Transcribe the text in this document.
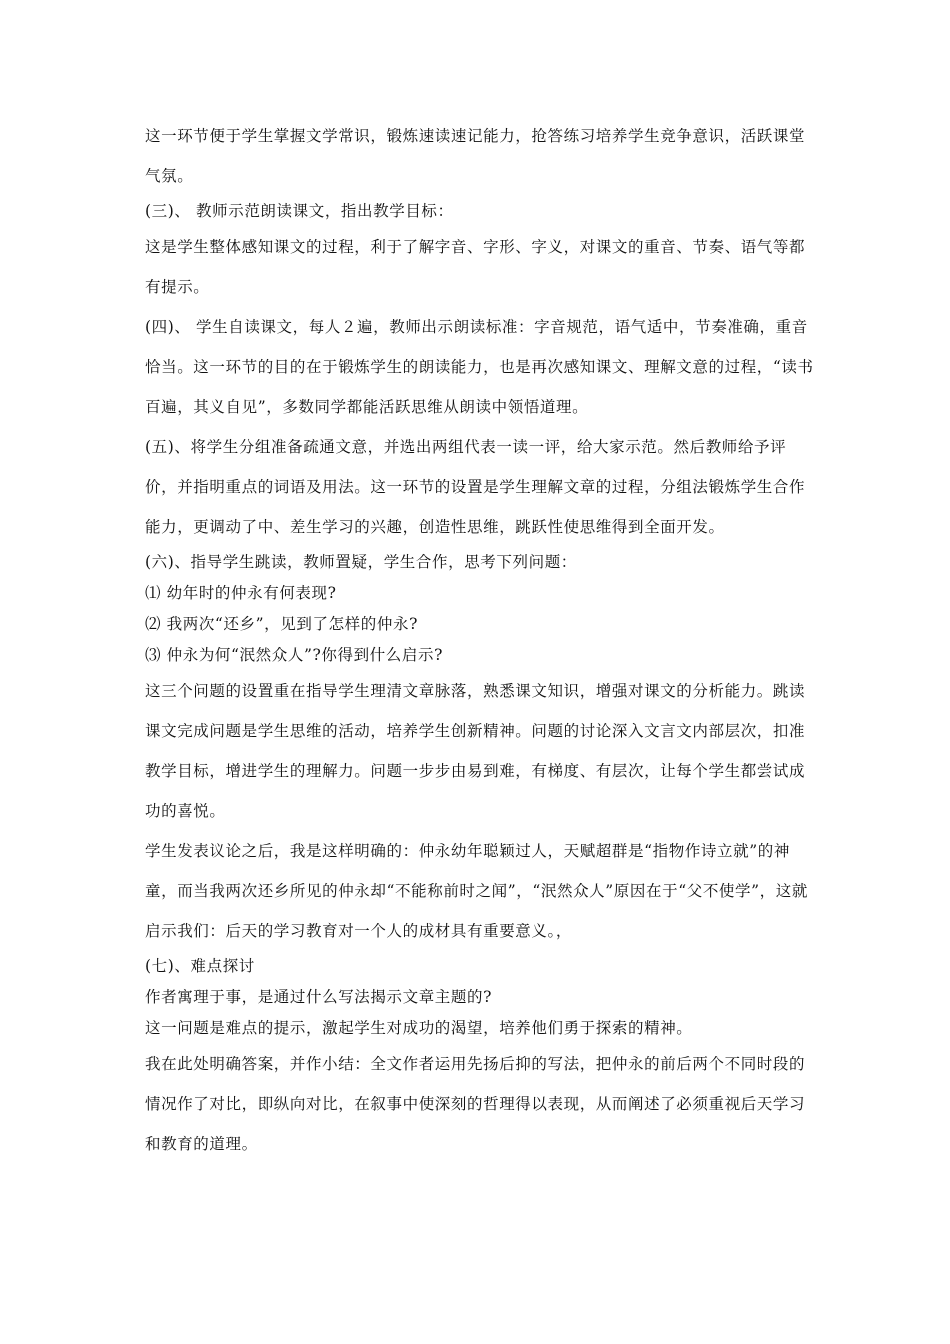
这一环节便于学生掌握文学常识，锻炼速读速记能力，抢答练习培养学生竞争意识，活跃课堂气氛。

(三)、 教师示范朗读课文，指出教学目标：

这是学生整体感知课文的过程，利于了解字音、字形、字义，对课文的重音、节奏、语气等都有提示。

(四)、 学生自读课文，每人２遍，教师出示朗读标准：字音规范，语气适中，节奏准确，重音恰当。这一环节的目的在于锻炼学生的朗读能力，也是再次感知课文、理解文意的过程，“读书百遍，其义自见”，多数同学都能活跃思维从朗读中领悟道理。

(五)、将学生分组准备疏通文意，并选出两组代表一读一评，给大家示范。然后教师给予评价，并指明重点的词语及用法。这一环节的设置是学生理解文章的过程，分组法锻炼学生合作能力，更调动了中、差生学习的兴趣，创造性思维，跳跃性使思维得到全面开发。

(六)、指导学生跳读，教师置疑，学生合作，思考下列问题：

⑴ 幼年时的仲永有何表现?

⑵ 我两次“还乡”，见到了怎样的仲永?

⑶ 仲永为何“泯然众人”?你得到什么启示?

这三个问题的设置重在指导学生理清文章脉落，熟悉课文知识，增强对课文的分析能力。跳读课文完成问题是学生思维的活动，培养学生创新精神。问题的讨论深入文言文内部层次，扣准教学目标，增进学生的理解力。问题一步步由易到难，有梯度、有层次，让每个学生都尝试成功的喜悦。

学生发表议论之后，我是这样明确的：仲永幼年聪颖过人，天赋超群是“指物作诗立就”的神童，而当我两次还乡所见的仲永却“不能称前时之闻”，“泯然众人”原因在于“父不使学”，这就启示我们：后天的学习教育对一个人的成材具有重要意义。，

(七)、难点探讨

作者寓理于事，是通过什么写法揭示文章主题的?

这一问题是难点的提示，激起学生对成功的渴望，培养他们勇于探索的精神。

我在此处明确答案，并作小结：全文作者运用先扬后抑的写法，把仲永的前后两个不同时段的情况作了对比，即纵向对比，在叙事中使深刻的哲理得以表现，从而阐述了必须重视后天学习和教育的道理。
